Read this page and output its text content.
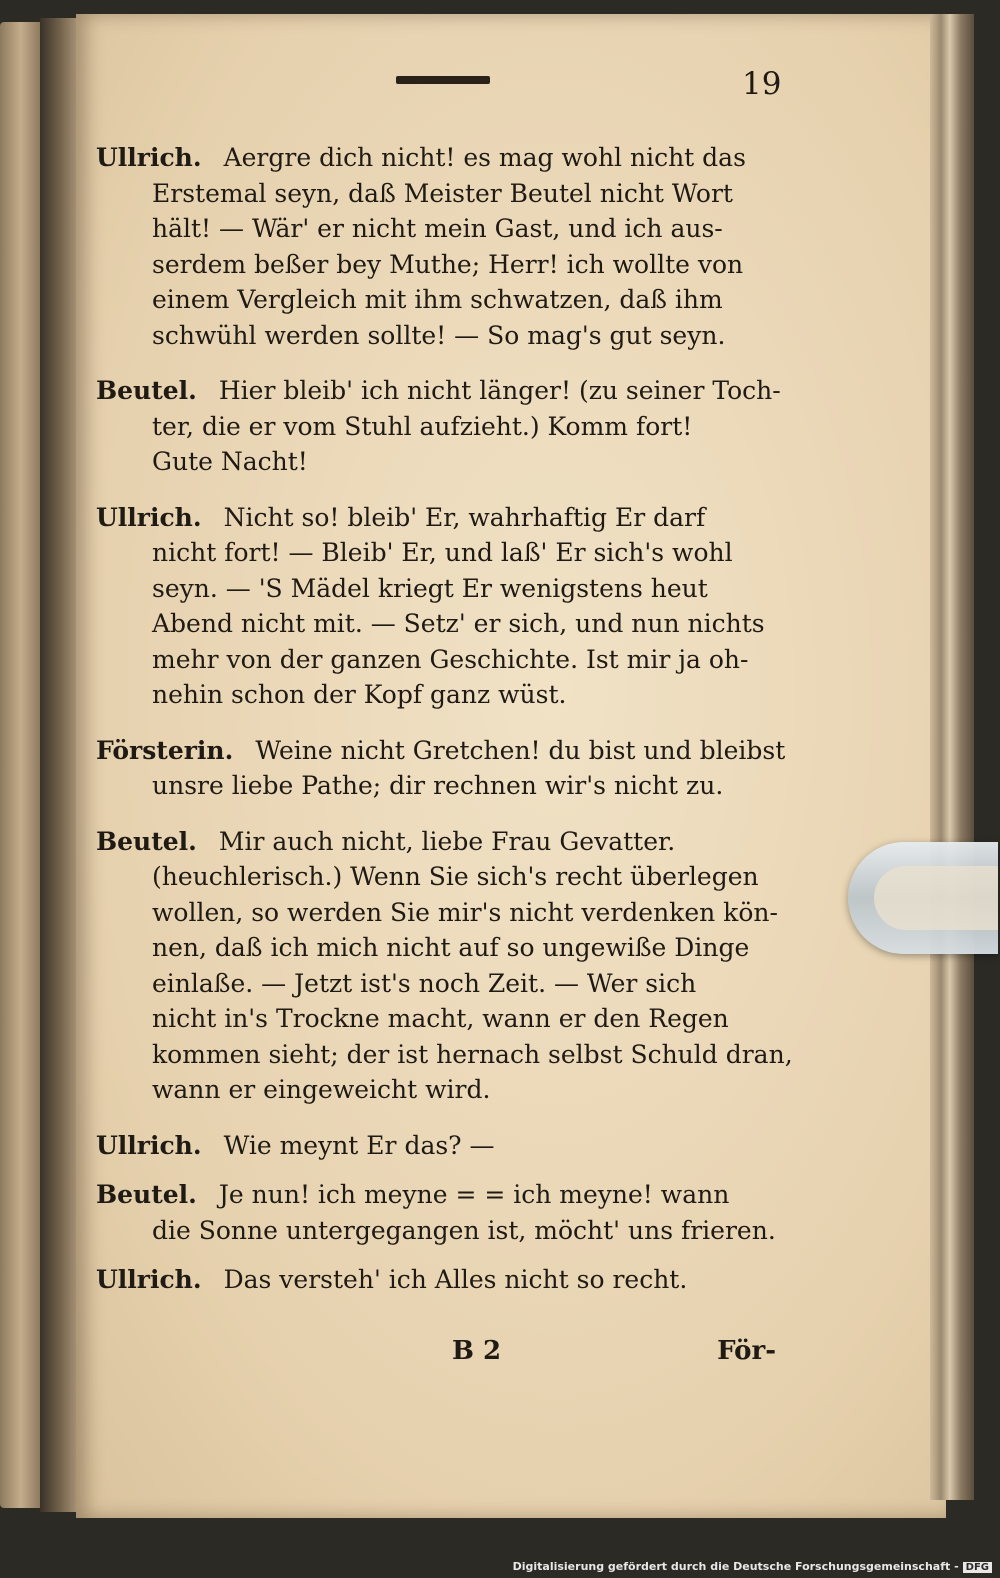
19
Ullrich. Aergre dich nicht! es mag wohl nicht das
Erstemal seyn, daß Meister Beutel nicht Wort
hält! — Wär' er nicht mein Gast, und ich aus-
serdem beßer bey Muthe; Herr! ich wollte von
einem Vergleich mit ihm schwatzen, daß ihm
schwühl werden sollte! — So mag's gut seyn.
Beutel. Hier bleib' ich nicht länger! (zu seiner Toch-
ter, die er vom Stuhl aufzieht.) Komm fort!
Gute Nacht!
Ullrich. Nicht so! bleib' Er, wahrhaftig Er darf
nicht fort! — Bleib' Er, und laß' Er sich's wohl
seyn. — 'S Mädel kriegt Er wenigstens heut
Abend nicht mit. — Setz' er sich, und nun nichts
mehr von der ganzen Geschichte. Ist mir ja oh-
nehin schon der Kopf ganz wüst.
Försterin. Weine nicht Gretchen! du bist und bleibst
unsre liebe Pathe; dir rechnen wir's nicht zu.
Beutel. Mir auch nicht, liebe Frau Gevatter.
(heuchlerisch.) Wenn Sie sich's recht überlegen
wollen, so werden Sie mir's nicht verdenken kön-
nen, daß ich mich nicht auf so ungewiße Dinge
einlaße. — Jetzt ist's noch Zeit. — Wer sich
nicht in's Trockne macht, wann er den Regen
kommen sieht; der ist hernach selbst Schuld dran,
wann er eingeweicht wird.
Ullrich. Wie meynt Er das? —
Beutel. Je nun! ich meyne = = ich meyne! wann
die Sonne untergegangen ist, möcht' uns frieren.
Ullrich. Das versteh' ich Alles nicht so recht.
B 2	För-
Digitalisierung gefördert durch die Deutsche Forschungsgemeinschaft - DFG
